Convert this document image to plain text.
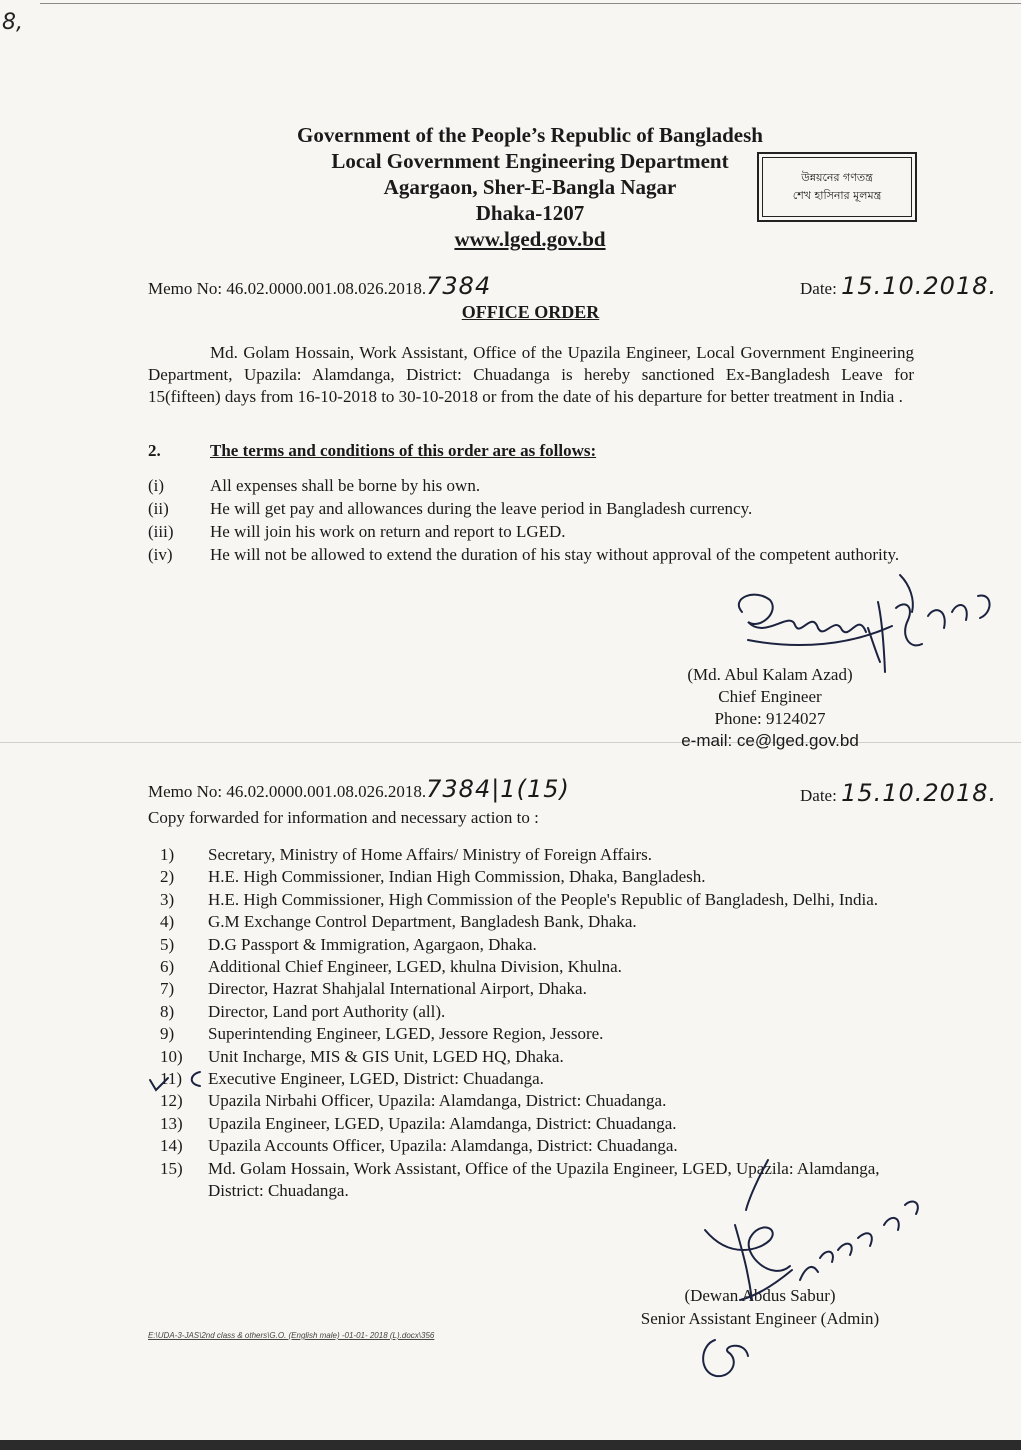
8,
Government of the People’s Republic of Bangladesh
Local Government Engineering Department
Agargaon, Sher-E-Bangla Nagar
Dhaka-1207
www.lged.gov.bd
উন্নয়নের গণতন্ত্র
শেখ হাসিনার মূলমন্ত্র
Memo No: 46.02.0000.001.08.026.2018.7384	Date: 15.10.2018.
OFFICE ORDER
Md. Golam Hossain, Work Assistant, Office of the Upazila Engineer, Local Government Engineering Department, Upazila: Alamdanga, District: Chuadanga is hereby sanctioned Ex-Bangladesh Leave for 15(fifteen) days from 16-10-2018 to 30-10-2018 or from the date of his departure for better treatment in India .
2.	The terms and conditions of this order are as follows:
(i)	All expenses shall be borne by his own.
(ii)	He will get pay and allowances during the leave period in Bangladesh currency.
(iii)	He will join his work on return and report to LGED.
(iv)	He will not be allowed to extend the duration of his stay without approval of the competent authority.
(Md. Abul Kalam Azad)
Chief Engineer
Phone: 9124027
e-mail: ce@lged.gov.bd
Memo No: 46.02.0000.001.08.026.2018.7384|1(15)	Date: 15.10.2018.
Copy forwarded for information and necessary action to :
1)	Secretary, Ministry of Home Affairs/ Ministry of Foreign Affairs.
2)	H.E. High Commissioner, Indian High Commission, Dhaka, Bangladesh.
3)	H.E. High Commissioner, High Commission of the People's Republic of Bangladesh, Delhi, India.
4)	G.M Exchange Control Department, Bangladesh Bank, Dhaka.
5)	D.G Passport & Immigration, Agargaon, Dhaka.
6)	Additional Chief Engineer, LGED, khulna Division, Khulna.
7)	Director, Hazrat Shahjalal International Airport, Dhaka.
8)	Director, Land port Authority (all).
9)	Superintending Engineer, LGED, Jessore Region, Jessore.
10)	Unit Incharge, MIS & GIS Unit, LGED HQ, Dhaka.
11)	Executive Engineer, LGED, District: Chuadanga.
12)	Upazila Nirbahi Officer, Upazila: Alamdanga, District: Chuadanga.
13)	Upazila Engineer, LGED, Upazila: Alamdanga, District: Chuadanga.
14)	Upazila Accounts Officer, Upazila: Alamdanga, District: Chuadanga.
15)	Md. Golam Hossain, Work Assistant, Office of the Upazila Engineer, LGED, Upazila: Alamdanga, District: Chuadanga.
(Dewan Abdus Sabur)
Senior Assistant Engineer (Admin)
E:\UDA-3-JAS\2nd class & others\G.O. (English male) -01-01- 2018 (L).docx\356
